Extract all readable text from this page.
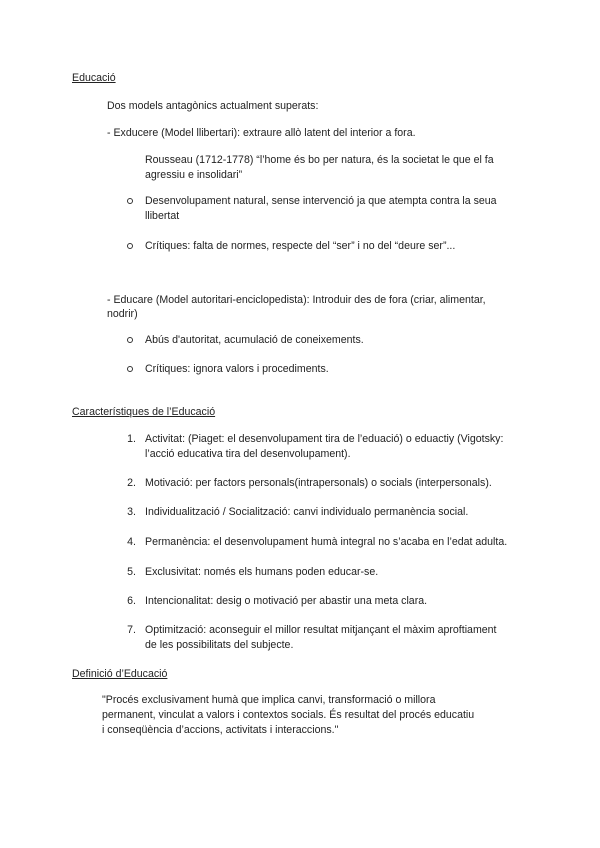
Educació
Dos models antagònics actualment superats:
- Exducere (Model llibertari): extraure allò latent del interior a fora.
Rousseau (1712-1778) “l’home és bo per natura, és la societat le que el fa
agressiu e insolidari”
Desenvolupament natural, sense intervenció ja que atempta contra la seua
llibertat
Crítiques: falta de normes, respecte del “ser” i no del “deure ser”...
- Educare (Model autoritari-enciclopedista): Introduir des de fora (criar, alimentar,
nodrir)
Abús d'autoritat, acumulació de coneixements.
Crítiques: ignora valors i procediments.
Característiques de l’Educació
1. Activitat: (Piaget: el desenvolupament tira de l’eduació) o eduactiy (Vigotsky:
l’acció educativa tira del desenvolupament).
2. Motivació: per factors personals(intrapersonals) o socials (interpersonals).
3. Individualització / Socialització: canvi individualo permanència social.
4. Permanència: el desenvolupament humà integral no s’acaba en l’edat adulta.
5. Exclusivitat: només els humans poden educar-se.
6. Intencionalitat: desig o motivació per abastir una meta clara.
7. Optimització: aconseguir el millor resultat mitjançant el màxim aproftiament
de les possibilitats del subjecte.
Definició d’Educació
"Procés exclusivament humà que implica canvi, transformació o millora
permanent, vinculat a valors i contextos socials. És resultat del procés educatiu
i conseqüència d’accions, activitats i interaccions."
